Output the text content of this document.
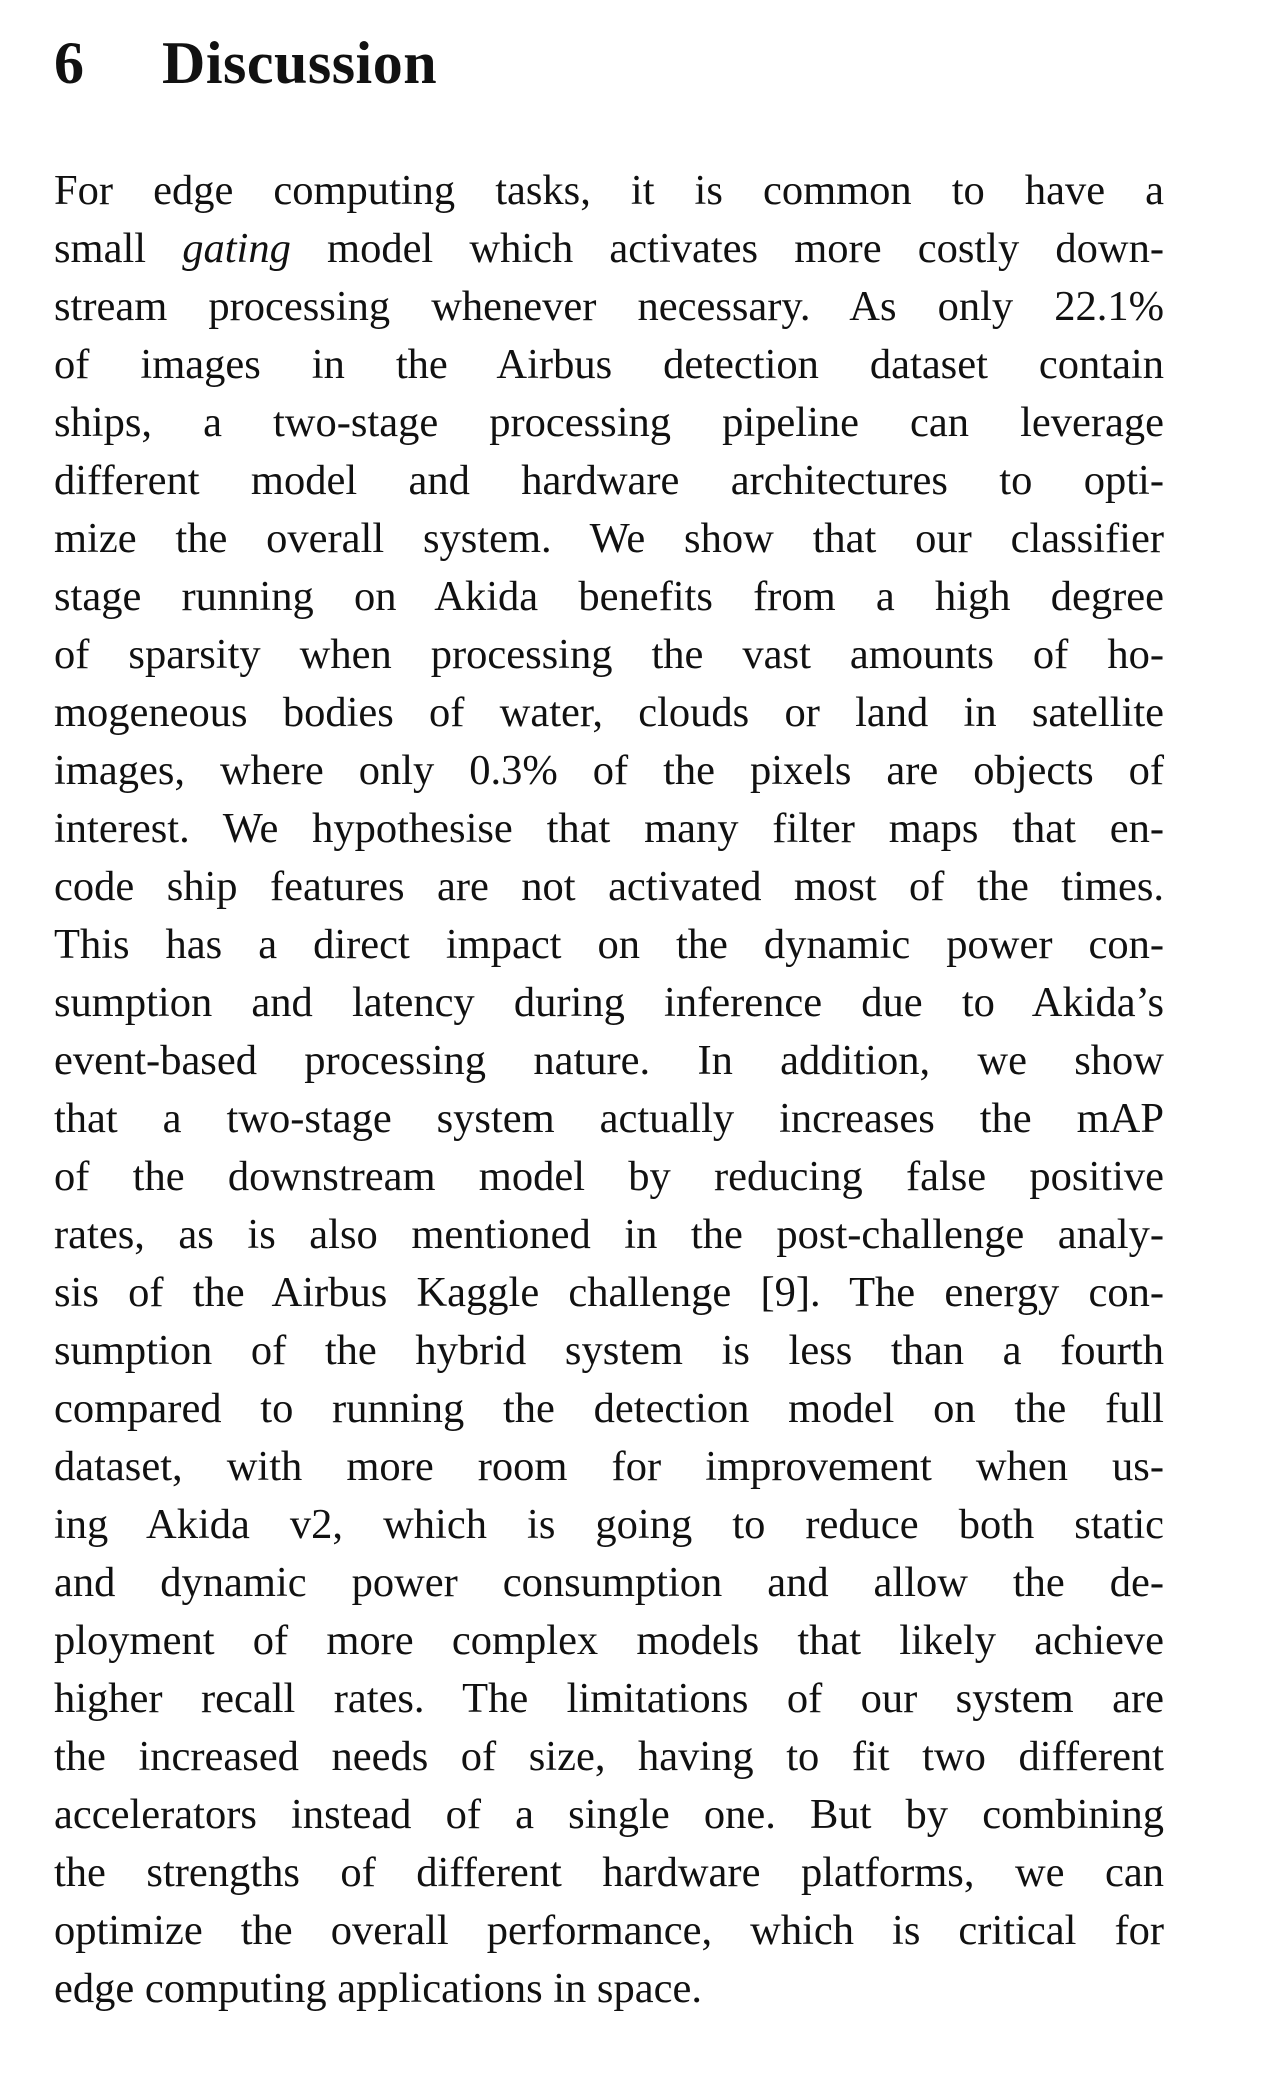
6 Discussion
For edge computing tasks, it is common to have a
small gating model which activates more costly down-
stream processing whenever necessary. As only 22.1%
of images in the Airbus detection dataset contain
ships, a two-stage processing pipeline can leverage
different model and hardware architectures to opti-
mize the overall system. We show that our classifier
stage running on Akida benefits from a high degree
of sparsity when processing the vast amounts of ho-
mogeneous bodies of water, clouds or land in satellite
images, where only 0.3% of the pixels are objects of
interest. We hypothesise that many filter maps that en-
code ship features are not activated most of the times.
This has a direct impact on the dynamic power con-
sumption and latency during inference due to Akida’s
event-based processing nature. In addition, we show
that a two-stage system actually increases the mAP
of the downstream model by reducing false positive
rates, as is also mentioned in the post-challenge analy-
sis of the Airbus Kaggle challenge [9]. The energy con-
sumption of the hybrid system is less than a fourth
compared to running the detection model on the full
dataset, with more room for improvement when us-
ing Akida v2, which is going to reduce both static
and dynamic power consumption and allow the de-
ployment of more complex models that likely achieve
higher recall rates. The limitations of our system are
the increased needs of size, having to fit two different
accelerators instead of a single one. But by combining
the strengths of different hardware platforms, we can
optimize the overall performance, which is critical for
edge computing applications in space.
